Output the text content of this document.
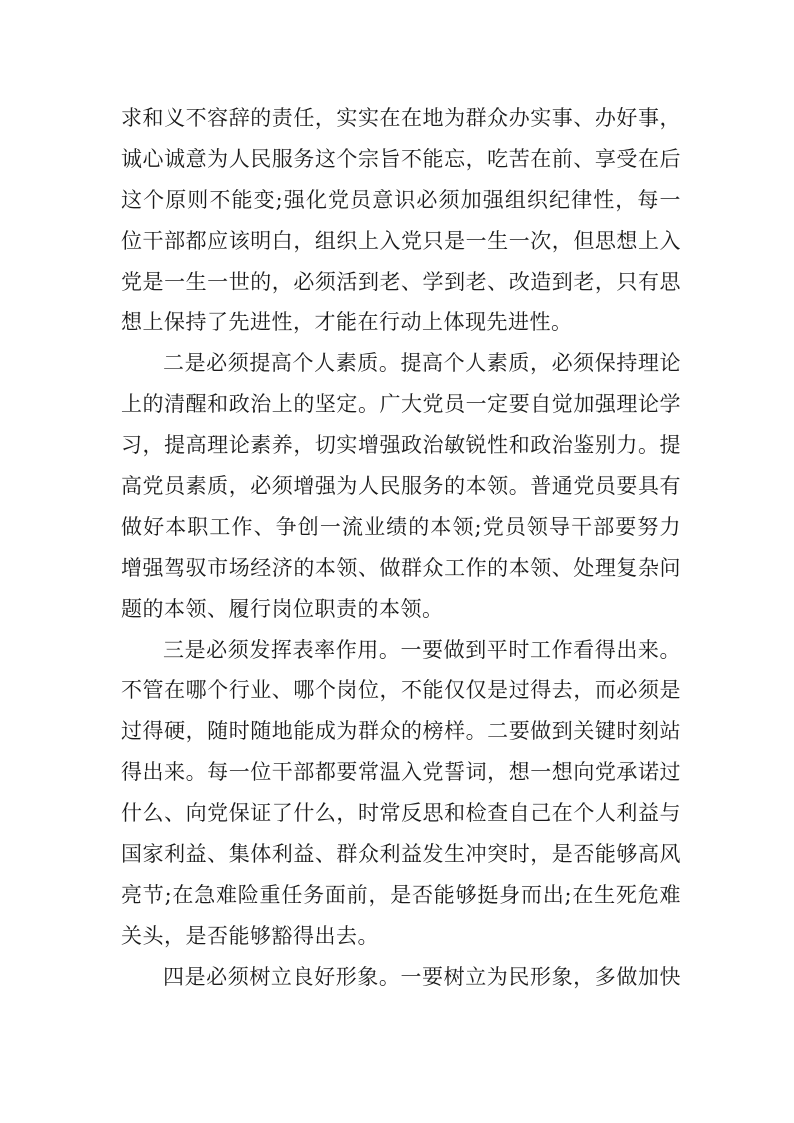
求和义不容辞的责任，实实在在地为群众办实事、办好事，
诚心诚意为人民服务这个宗旨不能忘，吃苦在前、享受在后
这个原则不能变;强化党员意识必须加强组织纪律性，每一
位干部都应该明白，组织上入党只是一生一次，但思想上入
党是一生一世的，必须活到老、学到老、改造到老，只有思
想上保持了先进性，才能在行动上体现先进性。
二是必须提高个人素质。提高个人素质，必须保持理论
上的清醒和政治上的坚定。广大党员一定要自觉加强理论学
习，提高理论素养，切实增强政治敏锐性和政治鉴别力。提
高党员素质，必须增强为人民服务的本领。普通党员要具有
做好本职工作、争创一流业绩的本领;党员领导干部要努力
增强驾驭市场经济的本领、做群众工作的本领、处理复杂问
题的本领、履行岗位职责的本领。
三是必须发挥表率作用。一要做到平时工作看得出来。
不管在哪个行业、哪个岗位，不能仅仅是过得去，而必须是
过得硬，随时随地能成为群众的榜样。二要做到关键时刻站
得出来。每一位干部都要常温入党誓词，想一想向党承诺过
什么、向党保证了什么，时常反思和检查自己在个人利益与
国家利益、集体利益、群众利益发生冲突时，是否能够高风
亮节;在急难险重任务面前，是否能够挺身而出;在生死危难
关头，是否能够豁得出去。
四是必须树立良好形象。一要树立为民形象，多做加快
